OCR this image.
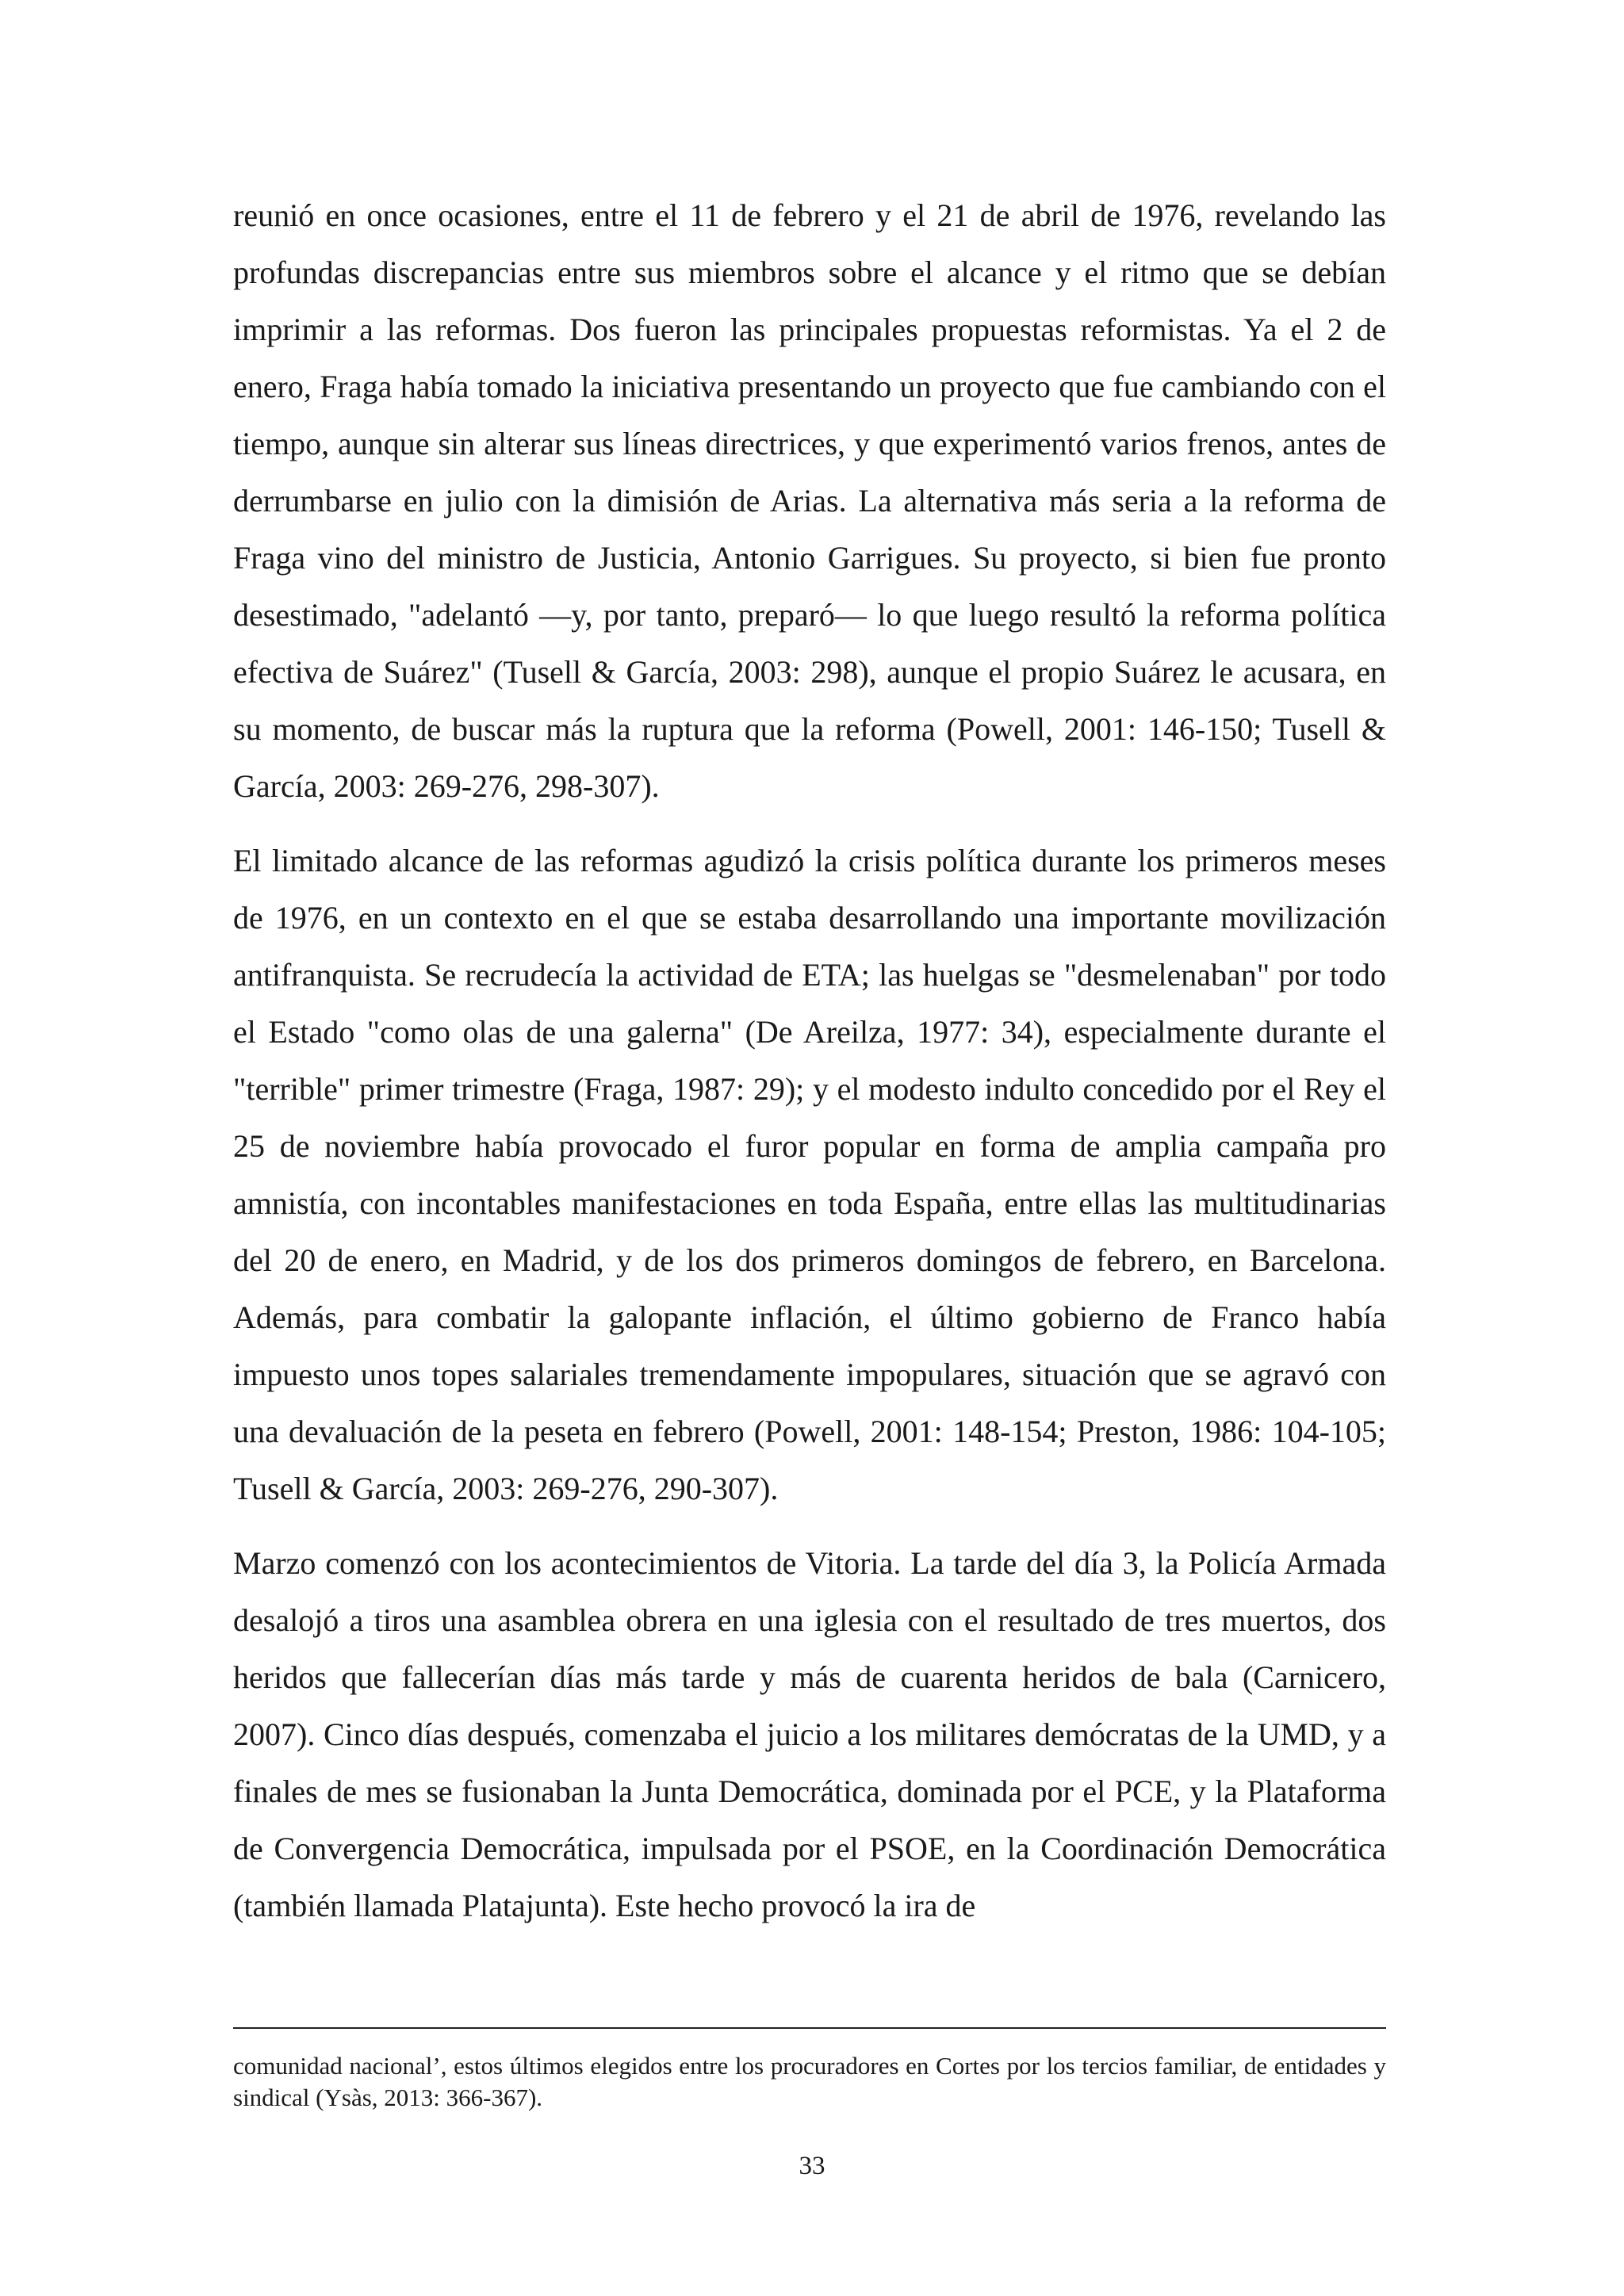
reunió en once ocasiones, entre el 11 de febrero y el 21 de abril de 1976, revelando las profundas discrepancias entre sus miembros sobre el alcance y el ritmo que se debían imprimir a las reformas. Dos fueron las principales propuestas reformistas. Ya el 2 de enero, Fraga había tomado la iniciativa presentando un proyecto que fue cambiando con el tiempo, aunque sin alterar sus líneas directrices, y que experimentó varios frenos, antes de derrumbarse en julio con la dimisión de Arias. La alternativa más seria a la reforma de Fraga vino del ministro de Justicia, Antonio Garrigues. Su proyecto, si bien fue pronto desestimado, "adelantó —y, por tanto, preparó— lo que luego resultó la reforma política efectiva de Suárez" (Tusell & García, 2003: 298), aunque el propio Suárez le acusara, en su momento, de buscar más la ruptura que la reforma (Powell, 2001: 146-150; Tusell & García, 2003: 269-276, 298-307).

El limitado alcance de las reformas agudizó la crisis política durante los primeros meses de 1976, en un contexto en el que se estaba desarrollando una importante movilización antifranquista. Se recrudecía la actividad de ETA; las huelgas se "desmelenaban" por todo el Estado "como olas de una galerna" (De Areilza, 1977: 34), especialmente durante el "terrible" primer trimestre (Fraga, 1987: 29); y el modesto indulto concedido por el Rey el 25 de noviembre había provocado el furor popular en forma de amplia campaña pro amnistía, con incontables manifestaciones en toda España, entre ellas las multitudinarias del 20 de enero, en Madrid, y de los dos primeros domingos de febrero, en Barcelona. Además, para combatir la galopante inflación, el último gobierno de Franco había impuesto unos topes salariales tremendamente impopulares, situación que se agravó con una devaluación de la peseta en febrero (Powell, 2001: 148-154; Preston, 1986: 104-105; Tusell & García, 2003: 269-276, 290-307).

Marzo comenzó con los acontecimientos de Vitoria. La tarde del día 3, la Policía Armada desalojó a tiros una asamblea obrera en una iglesia con el resultado de tres muertos, dos heridos que fallecerían días más tarde y más de cuarenta heridos de bala (Carnicero, 2007). Cinco días después, comenzaba el juicio a los militares demócratas de la UMD, y a finales de mes se fusionaban la Junta Democrática, dominada por el PCE, y la Plataforma de Convergencia Democrática, impulsada por el PSOE, en la Coordinación Democrática (también llamada Platajunta). Este hecho provocó la ira de

comunidad nacional’, estos últimos elegidos entre los procuradores en Cortes por los tercios familiar, de entidades y sindical (Ysàs, 2013: 366-367).

33
